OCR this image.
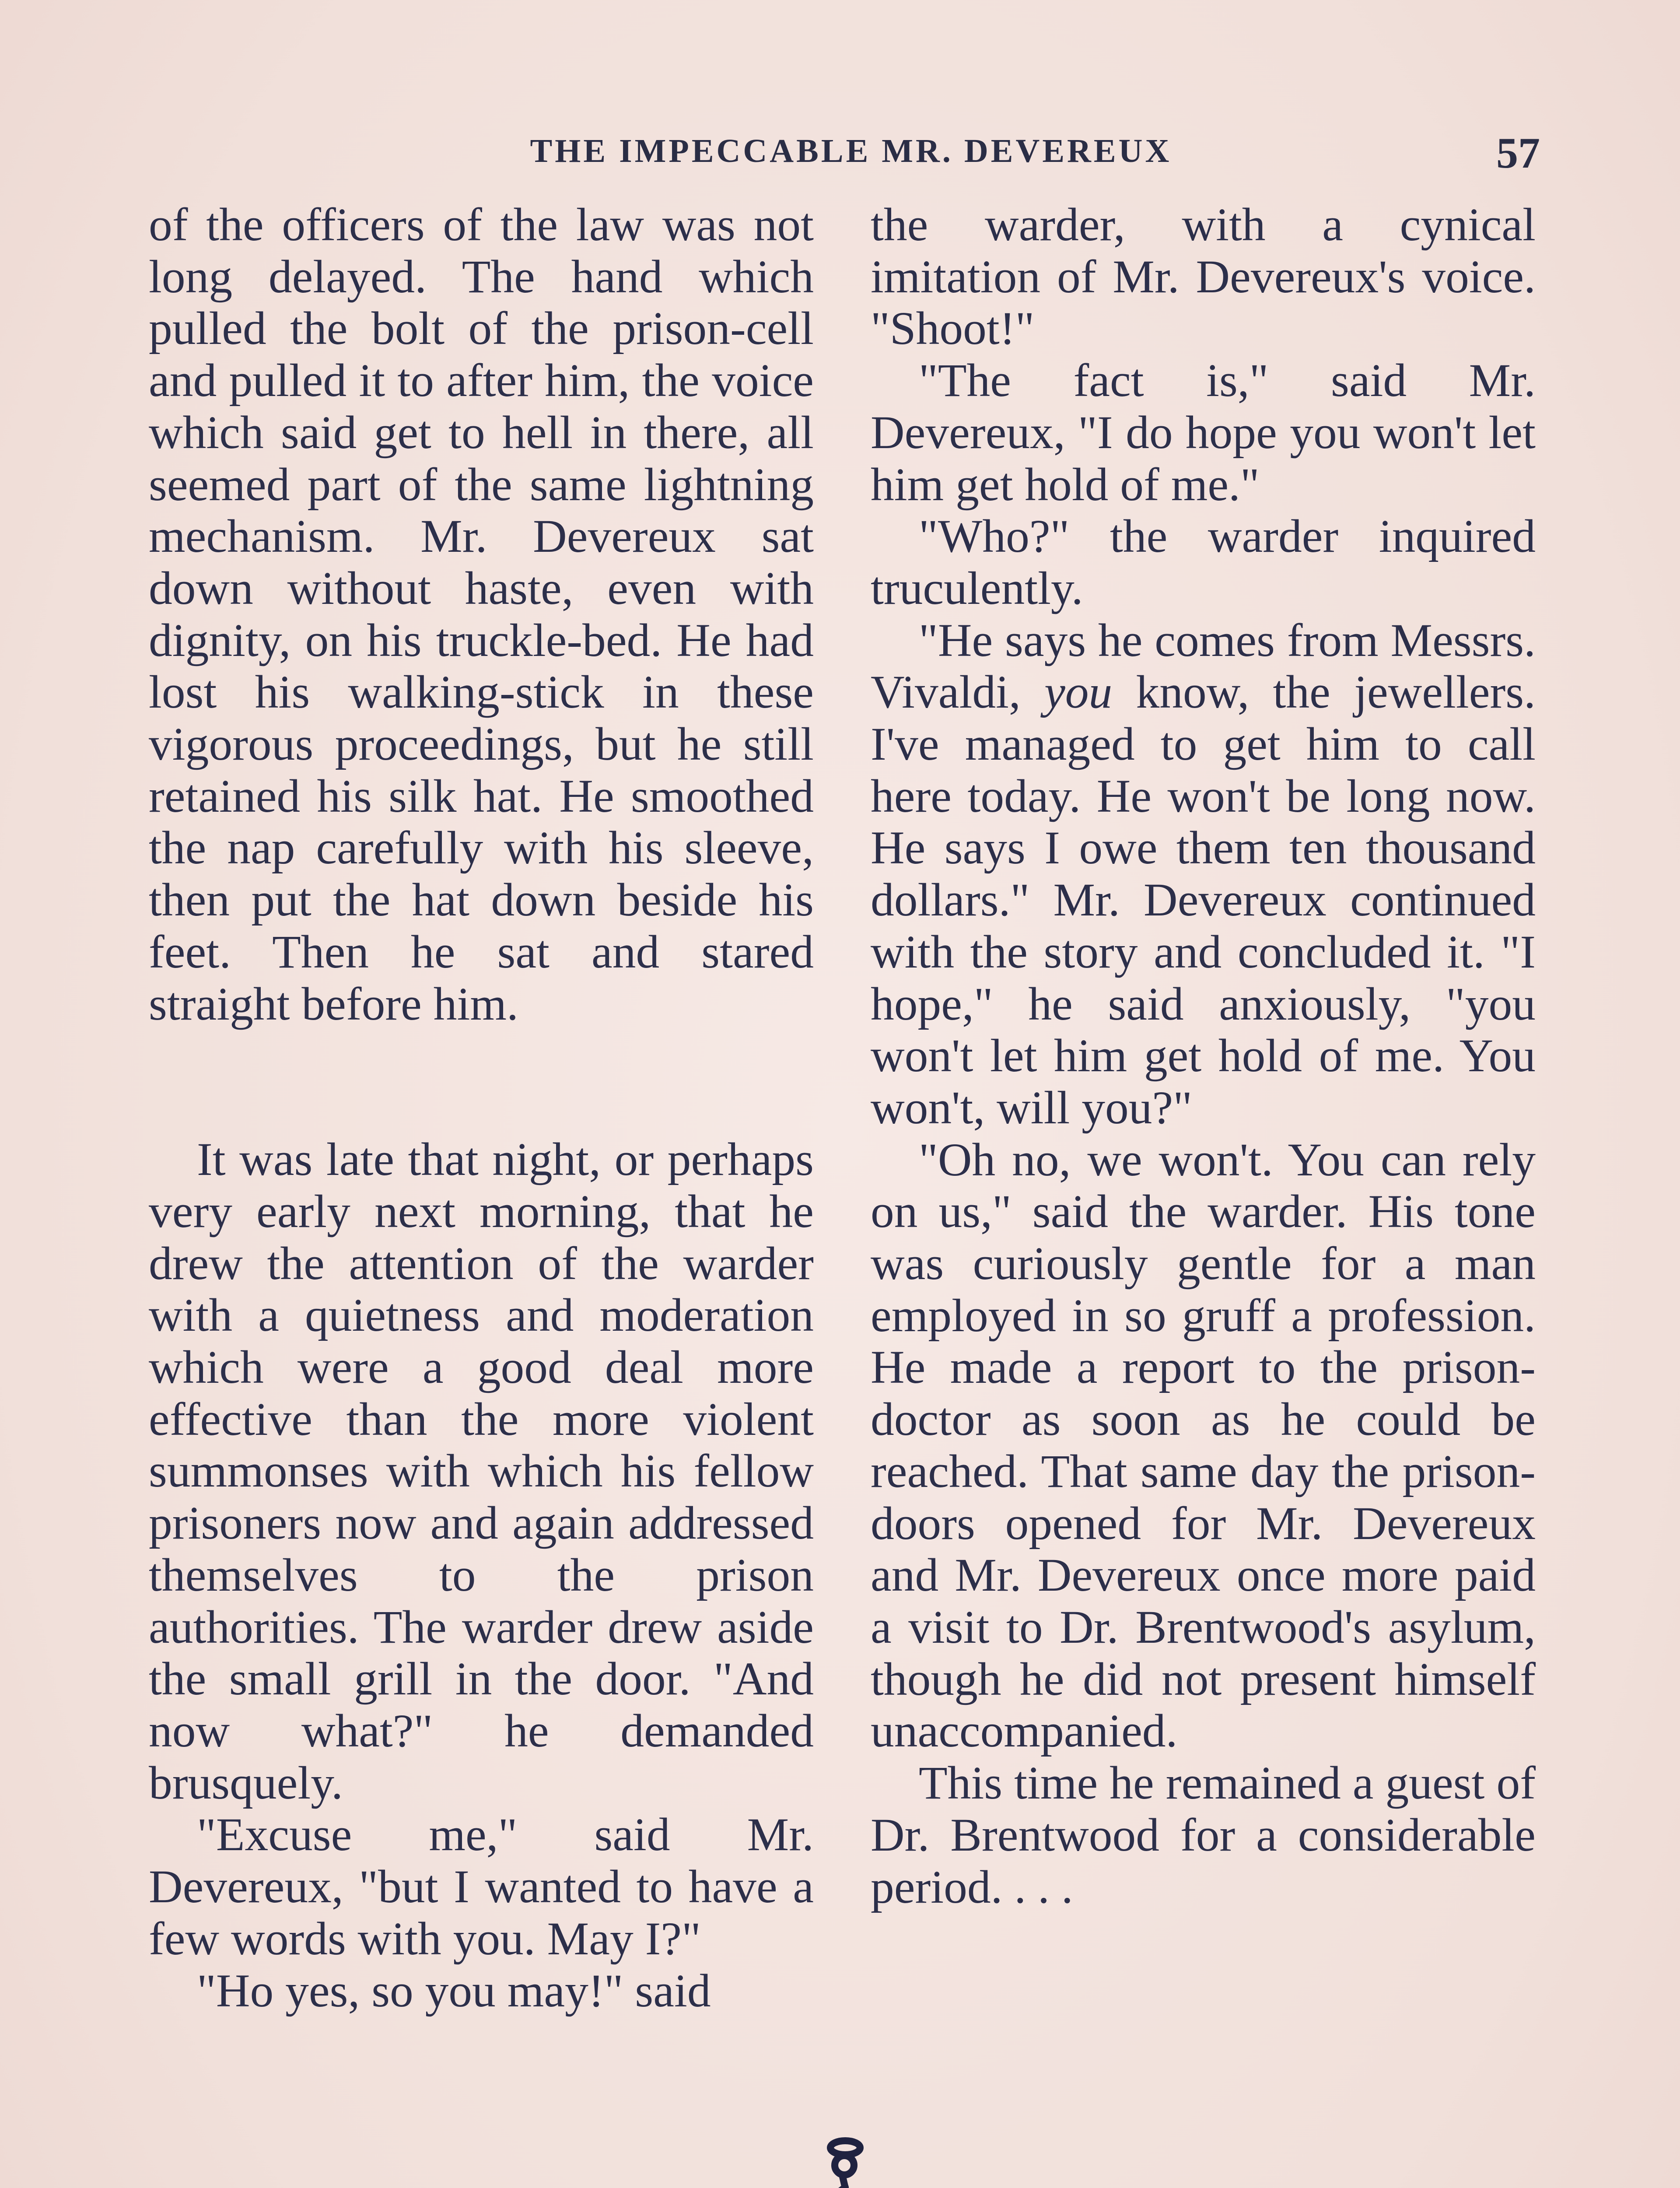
THE IMPECCABLE MR. DEVEREUX	57

of the officers of the law was not long delayed. The hand which pulled the bolt of the prison-cell and pulled it to after him, the voice which said get to hell in there, all seemed part of the same lightning mechanism. Mr. Devereux sat down without haste, even with dignity, on his truckle-bed. He had lost his walking-stick in these vigorous proceedings, but he still retained his silk hat. He smoothed the nap carefully with his sleeve, then put the hat down beside his feet. Then he sat and stared straight before him.

It was late that night, or perhaps very early next morning, that he drew the attention of the warder with a quietness and moderation which were a good deal more effective than the more violent summonses with which his fellow prisoners now and again addressed themselves to the prison authorities. The warder drew aside the small grill in the door. "And now what?" he demanded brusquely.

"Excuse me," said Mr. Devereux, "but I wanted to have a few words with you. May I?"

"Ho yes, so you may!" said

the warder, with a cynical imitation of Mr. Devereux's voice. "Shoot!"

"The fact is," said Mr. Devereux, "I do hope you won't let him get hold of me."

"Who?" the warder inquired truculently.

"He says he comes from Messrs. Vivaldi, you know, the jewellers. I've managed to get him to call here today. He won't be long now. He says I owe them ten thousand dollars." Mr. Devereux continued with the story and concluded it. "I hope," he said anxiously, "you won't let him get hold of me. You won't, will you?"

"Oh no, we won't. You can rely on us," said the warder. His tone was curiously gentle for a man employed in so gruff a profession. He made a report to the prison-doctor as soon as he could be reached. That same day the prison-doors opened for Mr. Devereux and Mr. Devereux once more paid a visit to Dr. Brentwood's asylum, though he did not present himself unaccompanied.

This time he remained a guest of Dr. Brentwood for a considerable period. . . .
